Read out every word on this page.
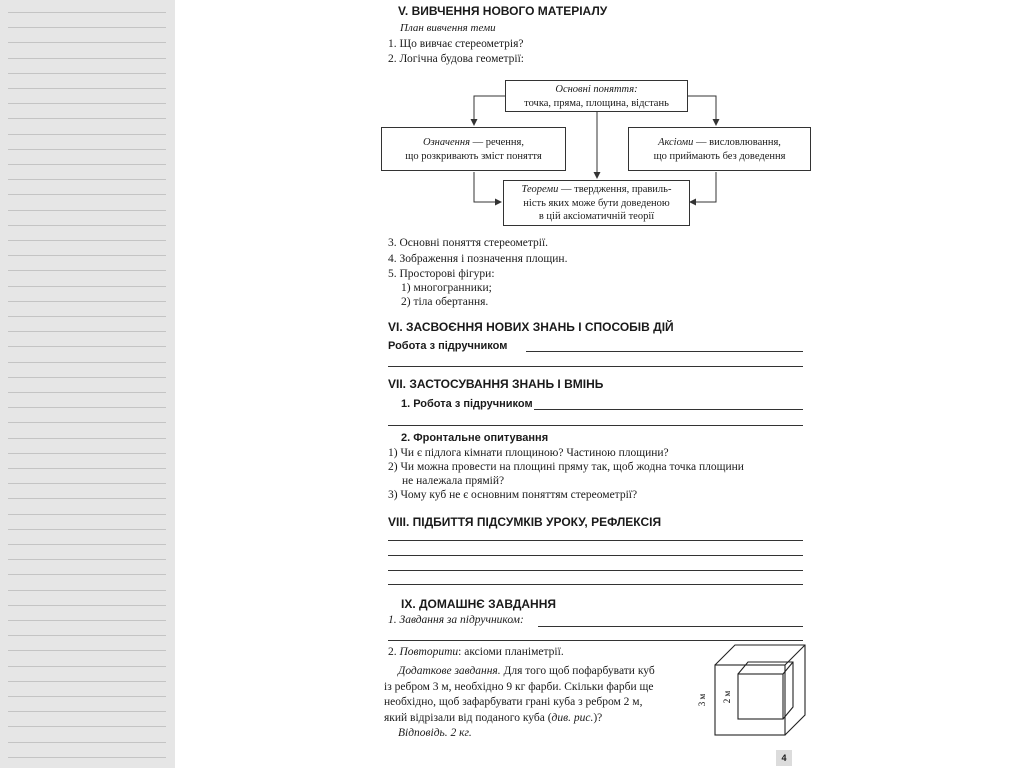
V. ВИВЧЕННЯ НОВОГО МАТЕРІАЛУ
План вивчення теми
1. Що вивчає стереометрія?
2. Логічна будова геометрії:
Основні поняття:
точка, пряма, площина, відстань
Означення — речення,
що розкривають зміст поняття
Аксіоми — висловлювання,
що приймають без доведення
Теореми — твердження, правиль-
ність яких може бути доведеною
в цій аксіоматичній теорії
3. Основні поняття стереометрії.
4. Зображення і позначення площин.
5. Просторові фігури:
1) многогранники;
2) тіла обертання.
VI. ЗАСВОЄННЯ НОВИХ ЗНАНЬ І СПОСОБІВ ДІЙ
Робота з підручником
VII. ЗАСТОСУВАННЯ ЗНАНЬ І ВМІНЬ
1. Робота з підручником
2. Фронтальне опитування
1) Чи є підлога кімнати площиною? Частиною площини?
2) Чи можна провести на площині пряму так, щоб жодна точка площини
не належала прямій?
3) Чому куб не є основним поняттям стереометрії?
VIII. ПІДБИТТЯ ПІДСУМКІВ УРОКУ, РЕФЛЕКСІЯ
IX. ДОМАШНЄ ЗАВДАННЯ
1. Завдання за підручником:
2. Повторити: аксіоми планіметрії.
Додаткове завдання. Для того щоб пофарбувати куб
із ребром 3 м, необхідно 9 кг фарби. Скільки фарби ще
необхідно, щоб зафарбувати грані куба з ребром 2 м,
який відрізали від поданого куба (див. рис.)?
Відповідь. 2 кг.
3 м 2 м
4
